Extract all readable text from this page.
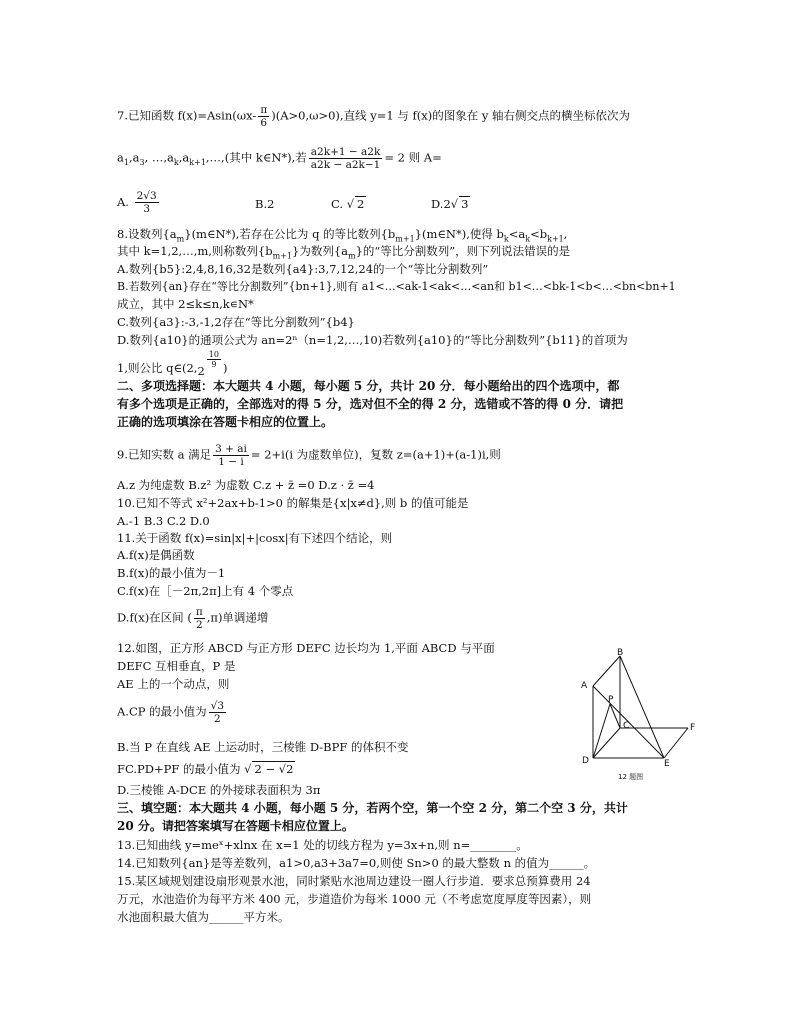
7.已知函数 $f(x)=Asin(\omega x- \frac{\pi}{6} )(A>0,\omega>0)$,直线 y=1 与 f(x)的图象在 y 轴右侧交点的横坐标依次为
$a_1,a_3$, $\dots,a_k,a_{k+1},\dots$,(其中 k∈N*),若 $\frac{a2k+1 - a2k}{a2k - a2k-1} = 2$ 则 A=
A. $\frac{2√3}{3}$	B.2	C. √ 2	D.2√ 3
8.设数列$\{a_m\}(m\in N*)$,若存在公比为 q 的等比数列$\{b_{m+1}\}(m\in N*)$,使得 $b_k<a_k<b_{k+1}$,
其中 k=1,2,…,m,则称数列$\{b_{m+1}\}$为数列$\{a_m\}$的“等比分割数列”，则下列说法错误的是
A.数列{b5}:2,4,8,16,32是数列{a4}:3,7,12,24的一个“等比分割数列”
B.若数列{an}存在“等比分割数列”{bn+1},则有 a1<…<ak-1<ak<…<an和 b1<…<bk-1<b<…<bn<bn+1
成立，其中 2≤k≤n,k∊N*
C.数列{a3}:-3,-1,2存在“等比分割数列”{b4}
D.数列{a10}的通项公式为 an=2ⁿ（n=1,2,…,10)若数列{a10}的“等比分割数列”{b11}的首项为
1,则公比 q∈(2,2
$\frac{10}{9}$ )
二、多项选择题：本大题共 4 小题，每小题 5 分，共计 20 分．每小题给出的四个选项中，都
有多个选项是正确的，全部选对的得 5 分，选对但不全的得 2 分，选错或不答的得 0 分．请把
正确的选项填涂在答题卡相应的位置上。
9.已知实数 a 满足 $\frac{3 + ai}{1 - i} = 2+i(i$ 为虚数单位)，复数 z=(a+1)+(a-1)i,则
A.z 为纯虚数 B.z² 为虚数 C.z + z̄ =0 D.z · z̄ =4
10.已知不等式 x²+2ax+b-1>0 的解集是{x|x≠d},则 b 的值可能是
A.-1 B.3 C.2 D.0
11.关于函数 f(x)=sin|x|+|cosx|有下述四个结论，则
A.f(x)是偶函数
B.f(x)的最小值为－1
C.f(x)在［－2π,2π]上有 4 个零点
D.f(x)在区间 ( $\frac{\pi}{2} ,\pi$)单调递增
12.如图，正方形 ABCD 与正方形 DEFC 边长均为 1,平面 ABCD 与平面
DEFC 互相垂直，P 是
AE 上的一个动点，则
A.CP 的最小值为 $\frac{√3}{2}$
B.当 P 在直线 AE 上运动时，三棱锥 D-BPF 的体积不变
FC.PD+PF 的最小值为 √ 2 − √2
D.三棱锥 A-DCE 的外接球表面积为 3π
B
A
P
C	F
D	E
12 题图
三、填空题：本大题共 4 小题，每小题 5 分，若两个空，第一个空 2 分，第二个空 3 分，共计
20 分。请把答案填写在答题卡相应位置上。
13.已知曲线 y=meˣ+xlnx 在 x=1 处的切线方程为 y=3x+n,则 n=________。
14.已知数列{an}是等差数列，a1>0,a3+3a7=0,则使 Sn>0 的最大整数 n 的值为______。
15.某区域规划建设扇形观景水池，同时紧贴水池周边建设一圈人行步道．要求总预算费用 24
万元，水池造价为每平方米 400 元，步道造价为每米 1000 元（不考虑宽度厚度等因素），则
水池面积最大值为______平方米。
